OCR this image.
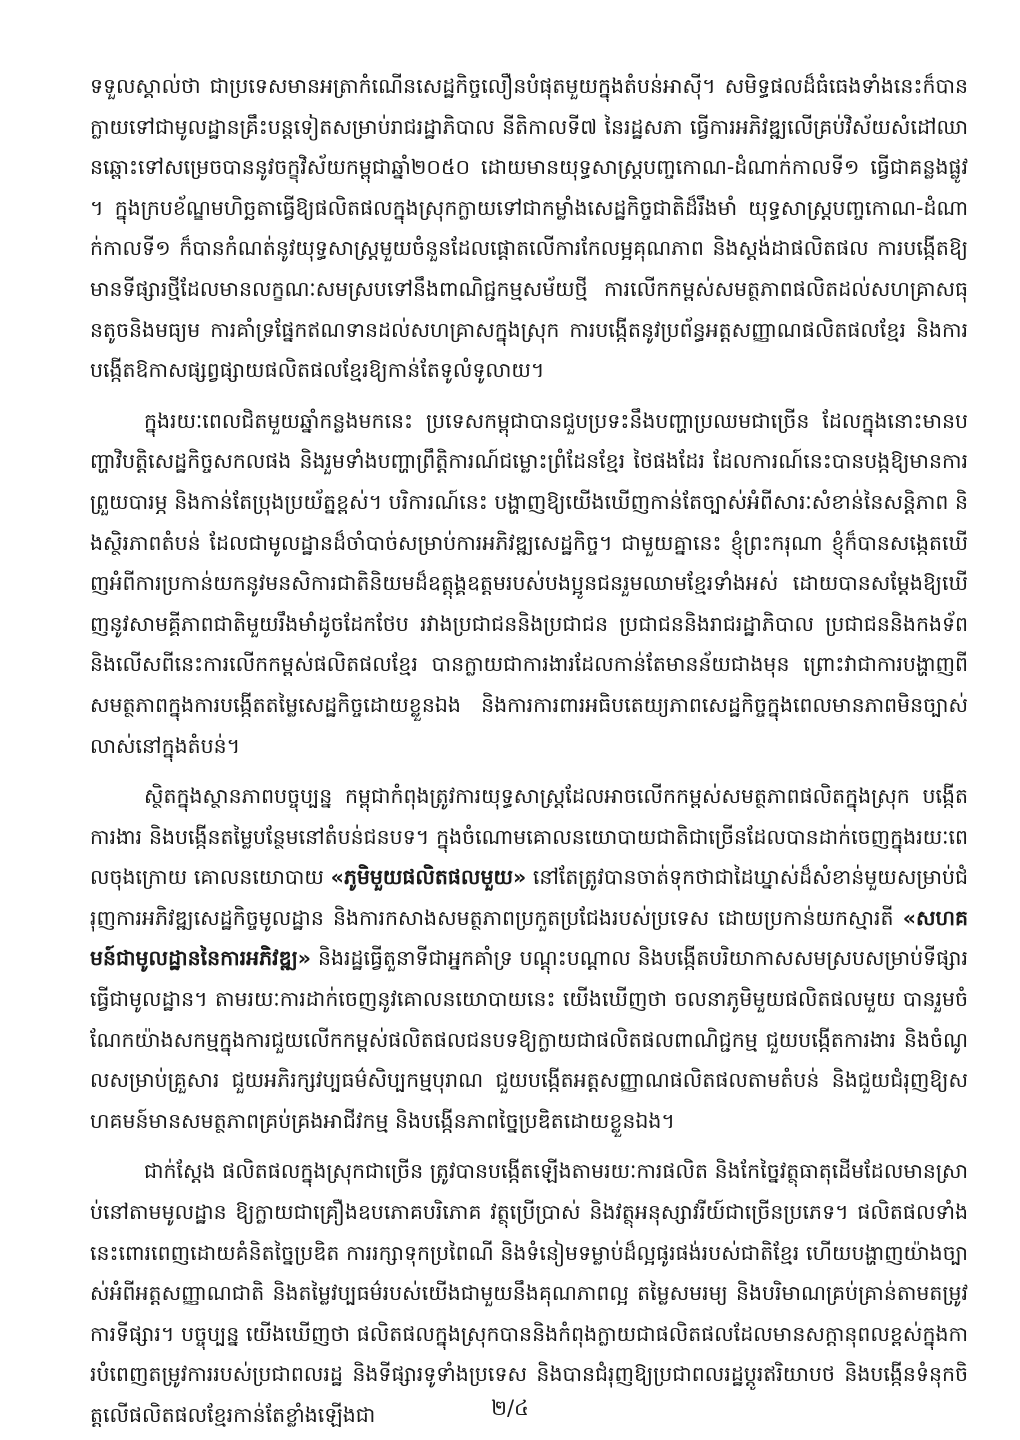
ទទួលស្គាល់ថា ជាប្រទេសមានអត្រាកំណើនសេដ្ឋកិច្ចលឿនបំផុតមួយក្នុងតំបន់អាស៊ី។ សមិទ្ធផលដ៏ធំធេងទាំងនេះក៏បានក្លាយទៅជាមូលដ្ឋានគ្រឹះបន្តទៀតសម្រាប់រាជរដ្ឋាភិបាល នីតិកាលទី៧ នៃរដ្ឋសភា ធ្វើការអភិវឌ្ឍលើគ្រប់វិស័យសំដៅឈានឆ្ពោះទៅសម្រេចបាននូវចក្ខុវិស័យកម្ពុជាឆ្នាំ២០៥០ ដោយមានយុទ្ធសាស្ត្របញ្ចកោណ-ដំណាក់កាលទី១ ធ្វើជាគន្លងផ្លូវ។ ក្នុងក្របខ័ណ្ឌមហិច្ឆតាធ្វើឱ្យផលិតផលក្នុងស្រុកក្លាយទៅជាកម្លាំងសេដ្ឋកិច្ចជាតិដ៏រឹងមាំ យុទ្ធសាស្ត្របញ្ចកោណ-ដំណាក់កាលទី១ ក៏បានកំណត់នូវយុទ្ធសាស្ត្រមួយចំនួនដែលផ្តោតលើការកែលម្អគុណភាព និងស្តង់ដាផលិតផល ការបង្កើតឱ្យមានទីផ្សារថ្មីដែលមានលក្ខណៈសមស្របទៅនឹងពាណិជ្ជកម្មសម័យថ្មី ការលើកកម្ពស់សមត្ថភាពផលិតដល់សហគ្រាសធុនតូចនិងមធ្យម ការគាំទ្រផ្នែកឥណទានដល់សហគ្រាសក្នុងស្រុក ការបង្កើតនូវប្រព័ន្ធអត្តសញ្ញាណផលិតផលខ្មែរ និងការបង្កើតឱកាសផ្សព្វផ្សាយផលិតផលខ្មែរឱ្យកាន់តែទូលំទូលាយ។

ក្នុងរយៈពេលជិតមួយឆ្នាំកន្លងមកនេះ ប្រទេសកម្ពុជាបានជួបប្រទះនឹងបញ្ហាប្រឈមជាច្រើន ដែលក្នុងនោះមានបញ្ហាវិបត្តិសេដ្ឋកិច្ចសកលផង និងរួមទាំងបញ្ហាព្រឹត្តិការណ៍ជម្លោះព្រំដែនខ្មែរ ថៃផងដែរ ដែលការណ៍នេះបានបង្កឱ្យមានការព្រួយបារម្ភ និងកាន់តែប្រុងប្រយ័ត្នខ្ពស់។ បរិការណ៍នេះ បង្ហាញឱ្យយើងឃើញកាន់តែច្បាស់អំពីសារៈសំខាន់នៃសន្តិភាព និងស្ថិរភាពតំបន់ ដែលជាមូលដ្ឋានដ៏ចាំបាច់សម្រាប់ការអភិវឌ្ឍសេដ្ឋកិច្ច។ ជាមួយគ្នានេះ ខ្ញុំព្រះករុណា ខ្ញុំក៏បានសង្កេតឃើញអំពីការប្រកាន់យកនូវមនសិការជាតិនិយមដ៏ឧត្តុង្គឧត្តមរបស់បងប្អូនជនរួមឈាមខ្មែរទាំងអស់ ដោយបានសម្តែងឱ្យឃើញនូវសាមគ្គីភាពជាតិមួយរឹងមាំដូចដែកថែប រវាងប្រជាជននិងប្រជាជន ប្រជាជននិងរាជរដ្ឋាភិបាល ប្រជាជននិងកងទ័ព និងលើសពីនេះការលើកកម្ពស់ផលិតផលខ្មែរ បានក្លាយជាការងារដែលកាន់តែមានន័យជាងមុន ព្រោះវាជាការបង្ហាញពីសមត្ថភាពក្នុងការបង្កើតតម្លៃសេដ្ឋកិច្ចដោយខ្លួនឯង និងការការពារអធិបតេយ្យភាពសេដ្ឋកិច្ចក្នុងពេលមានភាពមិនច្បាស់លាស់នៅក្នុងតំបន់។

ស្ថិតក្នុងស្ថានភាពបច្ចុប្បន្ន កម្ពុជាកំពុងត្រូវការយុទ្ធសាស្ត្រដែលអាចលើកកម្ពស់សមត្ថភាពផលិតក្នុងស្រុក បង្កើតការងារ និងបង្កើនតម្លៃបន្ថែមនៅតំបន់ជនបទ។ ក្នុងចំណោមគោលនយោបាយជាតិជាច្រើនដែលបានដាក់ចេញក្នុងរយៈពេលចុងក្រោយ គោលនយោបាយ «ភូមិមួយផលិតផលមួយ» នៅតែត្រូវបានចាត់ទុកថាជាដៃឃ្នាស់ដ៏សំខាន់មួយសម្រាប់ជំរុញការអភិវឌ្ឍសេដ្ឋកិច្ចមូលដ្ឋាន និងការកសាងសមត្ថភាពប្រកួតប្រជែងរបស់ប្រទេស ដោយប្រកាន់យកស្មារតី «សហគមន៍ជាមូលដ្ឋាននៃការអភិវឌ្ឍ» និងរដ្ឋធ្វើតួនាទីជាអ្នកគាំទ្រ បណ្តុះបណ្តាល និងបង្កើតបរិយាកាសសមស្របសម្រាប់ទីផ្សារធ្វើជាមូលដ្ឋាន។ តាមរយៈការដាក់ចេញនូវគោលនយោបាយនេះ យើងឃើញថា ចលនាភូមិមួយផលិតផលមួយ បានរួមចំណែកយ៉ាងសកម្មក្នុងការជួយលើកកម្ពស់ផលិតផលជនបទឱ្យក្លាយជាផលិតផលពាណិជ្ជកម្ម ជួយបង្កើតការងារ និងចំណូលសម្រាប់គ្រួសារ ជួយអភិរក្សវប្បធម៌សិប្បកម្មបុរាណ ជួយបង្កើតអត្តសញ្ញាណផលិតផលតាមតំបន់ និងជួយជំរុញឱ្យសហគមន៍មានសមត្ថភាពគ្រប់គ្រងអាជីវកម្ម និងបង្កើនភាពច្នៃប្រឌិតដោយខ្លួនឯង។

ជាក់ស្តែង ផលិតផលក្នុងស្រុកជាច្រើន ត្រូវបានបង្កើតឡើងតាមរយៈការផលិត និងកែច្នៃវត្ថុធាតុដើមដែលមានស្រាប់នៅតាមមូលដ្ឋាន ឱ្យក្លាយជាគ្រឿងឧបភោគបរិភោគ វត្ថុប្រើប្រាស់ និងវត្ថុអនុស្សាវរីយ៍ជាច្រើនប្រភេទ។ ផលិតផលទាំងនេះពោរពេញដោយគំនិតច្នៃប្រឌិត ការរក្សាទុកប្រពៃណី និងទំនៀមទម្លាប់ដ៏ល្អផូរផង់របស់ជាតិខ្មែរ ហើយបង្ហាញយ៉ាងច្បាស់អំពីអត្តសញ្ញាណជាតិ និងតម្លៃវប្បធម៌របស់យើងជាមួយនឹងគុណភាពល្អ តម្លៃសមរម្យ និងបរិមាណគ្រប់គ្រាន់តាមតម្រូវការទីផ្សារ។ បច្ចុប្បន្ន យើងឃើញថា ផលិតផលក្នុងស្រុកបាននិងកំពុងក្លាយជាផលិតផលដែលមានសក្តានុពលខ្ពស់ក្នុងការបំពេញតម្រូវការរបស់ប្រជាពលរដ្ឋ និងទីផ្សារទូទាំងប្រទេស និងបានជំរុញឱ្យប្រជាពលរដ្ឋប្តូរឥរិយាបថ និងបង្កើនទំនុកចិត្តលើផលិតផលខ្មែរកាន់តែខ្លាំងឡើងជា	២/៤
